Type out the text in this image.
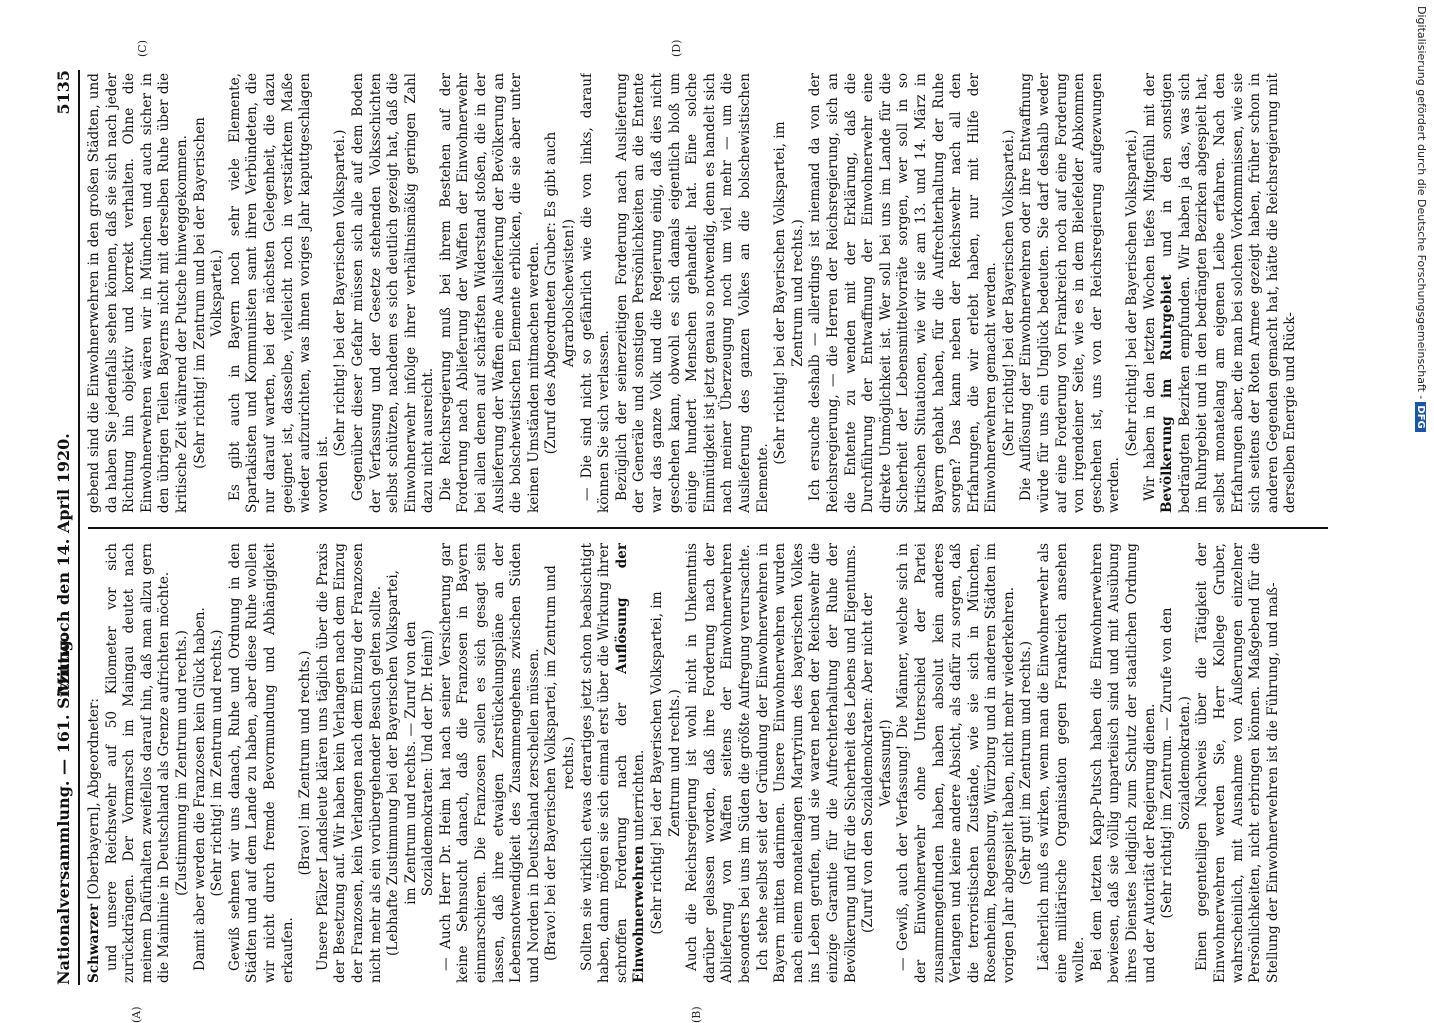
Nationalversammlung. — 161. Sitzung.
Mittwoch den 14. April 1920.
5135
(A)	(B)
(C)	(D)

Schwarzer [Oberbayern], Abgeordneter: und unsere Reichswehr auf 50 Kilometer vor sich zurückdrängen. Der Vormarsch im Maingau deutet nach meinem Dafürhalten zweifellos darauf hin, daß man allzu gern die Mainlinie in Deutschland als Grenze aufrichten möchte. (Zustimmung im Zentrum und rechts.) Damit aber werden die Franzosen kein Glück haben. (Sehr richtig! im Zentrum und rechts.) Gewiß sehnen wir uns danach, Ruhe und Ordnung in den Städten und auf dem Lande zu haben, aber diese Ruhe wollen wir nicht durch fremde Bevormundung und Abhängigkeit erkaufen.

(Bravo! im Zentrum und rechts.) Unsere Pfälzer Landsleute klären uns täglich über die Praxis der Besetzung auf. Wir haben kein Verlangen nach dem Einzug der Franzosen, kein Verlangen nach dem Einzug der Franzosen nicht mehr als ein vorübergehender Besuch gelten sollte. (Lebhafte Zustimmung bei der Bayerischen Volkspartei, im Zentrum und rechts. — Zuruf von den Sozialdemokraten: Und der Dr. Heim!) — Auch Herr Dr. Heim hat nach seiner Versicherung gar keine Sehnsucht danach, daß die Franzosen in Bayern einmarschieren. Die Franzosen sollen es sich gesagt sein lassen, daß ihre etwaigen Zerstückelungspläne an der Lebensnotwendigkeit des Zusammengehens zwischen Süden und Norden in Deutschland zerschellen müssen. (Bravo! bei der Bayerischen Volkspartei, im Zentrum und rechts.) Sollten sie wirklich etwas derartiges jetzt schon beabsichtigt haben, dann mögen sie sich einmal erst über die Wirkung ihrer schroffen Forderung nach der Auflösung der Einwohnerwehren unterrichten. (Sehr richtig! bei der Bayerischen Volkspartei, im Zentrum und rechts.) Auch die Reichsregierung ist wohl nicht in Unkenntnis darüber gelassen worden, daß ihre Forderung nach der Ablieferung von Waffen seitens der Einwohnerwehren besonders bei uns im Süden die größte Aufregung verursachte. Ich stehe selbst seit der Gründung der Einwohnerwehren in Bayern mitten darinnen. Unsere Einwohnerwehren wurden nach einem monatelangen Martyrium des bayerischen Volkes ins Leben gerufen, und sie waren neben der Reichswehr die einzige Garantie für die Aufrechterhaltung der Ruhe der Bevölkerung und für die Sicherheit des Lebens und Eigentums. (Zuruf von den Sozialdemokraten: Aber nicht der Verfassung!) — Gewiß, auch der Verfassung! Die Männer, welche sich in der Einwohnerwehr ohne Unterschied der Partei zusammengefunden haben, haben absolut kein anderes Verlangen und keine andere Absicht, als dafür zu sorgen, daß die terroristischen Zustände, wie sie sich in München, Rosenheim, Regensburg, Würzburg und in anderen Städten im vorigen Jahr abgespielt haben, nicht mehr wiederkehren. (Sehr gut! im Zentrum und rechts.) Lächerlich muß es wirken, wenn man die Einwohnerwehr als eine militärische Organisation gegen Frankreich ansehen wollte. Bei dem letzten Kapp-Putsch haben die Einwohnerwehren bewiesen, daß sie völlig unparteiisch sind und mit Ausübung ihres Dienstes lediglich zum Schutz der staatlichen Ordnung und der Autorität der Regierung dienen. (Sehr richtig! im Zentrum. — Zurufe von den Sozialdemokraten.) Einen gegenteiligen Nachweis über die Tätigkeit der Einwohnerwehren werden Sie, Herr Kollege Gruber, wahrscheinlich, mit Ausnahme von Äußerungen einzelner Persönlichkeiten, nicht erbringen können. Maßgebend für die Stellung der Einwohnerwehren ist die Führung, und maß-

gebend sind die Einwohnerwehren in den großen Städten, und da haben Sie jedenfalls sehen können, daß sie sich nach jeder Richtung hin objektiv und korrekt verhalten. Ohne die Einwohnerwehren wären wir in München und auch sicher in den übrigen Teilen Bayerns nicht mit derselben Ruhe über die kritische Zeit während der Putsche hinweggekommen. (Sehr richtig! im Zentrum und bei der Bayerischen Volkspartei.) Es gibt auch in Bayern noch sehr viele Elemente, Spartakisten und Kommunisten samt ihren Verbündeten, die nur darauf warten, bei der nächsten Gelegenheit, die dazu geeignet ist, dasselbe, vielleicht noch in verstärktem Maße wieder aufzurichten, was ihnen voriges Jahr kaputtgeschlagen worden ist.

(Sehr richtig! bei der Bayerischen Volkspartei.) Gegenüber dieser Gefahr müssen sich alle auf dem Boden der Verfassung und der Gesetze stehenden Volksschichten selbst schützen, nachdem es sich deutlich gezeigt hat, daß die Einwohnerwehr infolge ihrer verhältnismäßig geringen Zahl dazu nicht ausreicht. Die Reichsregierung muß bei ihrem Bestehen auf der Forderung nach Ablieferung der Waffen der Einwohnerwehr bei allen denen auf schärfsten Widerstand stoßen, die in der Auslieferung der Waffen eine Auslieferung der Bevölkerung an die bolschewistischen Elemente erblicken, die sie aber unter keinen Umständen mitmachen werden. (Zuruf des Abgeordneten Gruber: Es gibt auch Agrarbolschewisten!) — Die sind nicht so gefährlich wie die von links, darauf können Sie sich verlassen. Bezüglich der seinerzeitigen Forderung nach Auslieferung der Generäle und sonstigen Persönlichkeiten an die Entente war das ganze Volk und die Regierung einig, daß dies nicht geschehen kann, obwohl es sich damals eigentlich bloß um einige hundert Menschen gehandelt hat. Eine solche Einmütigkeit ist jetzt genau so notwendig, denn es handelt sich nach meiner Überzeugung noch um viel mehr — um die Auslieferung des ganzen Volkes an die bolschewistischen Elemente.

(Sehr richtig! bei der Bayerischen Volkspartei, im Zentrum und rechts.) Ich ersuche deshalb — allerdings ist niemand da von der Reichsregierung, — die Herren der Reichsregierung, sich an die Entente zu wenden mit der Erklärung, daß die Durchführung der Entwaffnung der Einwohnerwehr eine direkte Unmöglichkeit ist. Wer soll bei uns im Lande für die Sicherheit der Lebensmittelvorräte sorgen, wer soll in so kritischen Situationen, wie wir sie am 13. und 14. März in Bayern gehabt haben, für die Aufrechterhaltung der Ruhe sorgen? Das kann neben der Reichswehr nach all den Erfahrungen, die wir erlebt haben, nur mit Hilfe der Einwohnerwehren gemacht werden. (Sehr richtig! bei der Bayerischen Volkspartei.) Die Auflösung der Einwohnerwehren oder ihre Entwaffnung würde für uns ein Unglück bedeuten. Sie darf deshalb weder auf eine Forderung von Frankreich noch auf eine Forderung von irgendeiner Seite, wie es in dem Bielefelder Abkommen geschehen ist, uns von der Reichsregierung aufgezwungen werden.

(Sehr richtig! bei der Bayerischen Volkspartei.) Wir haben in den letzten Wochen tiefes Mitgefühl mit der Bevölkerung im Ruhrgebiet und in den sonstigen bedrängten Bezirken empfunden. Wir haben ja das, was sich im Ruhrgebiet und in den bedrängten Bezirken abgespielt hat, selbst monatelang am eigenen Leibe erfahren. Nach den Erfahrungen aber, die man bei solchen Vorkommnissen, wie sie sich seitens der Roten Armee gezeigt haben, früher schon in anderen Gegenden gemacht hat, hätte die Reichsregierung mit derselben Energie und Rück-

Digitalisierung gefördert durch die Deutsche Forschungsgemeinschaft -DFG
